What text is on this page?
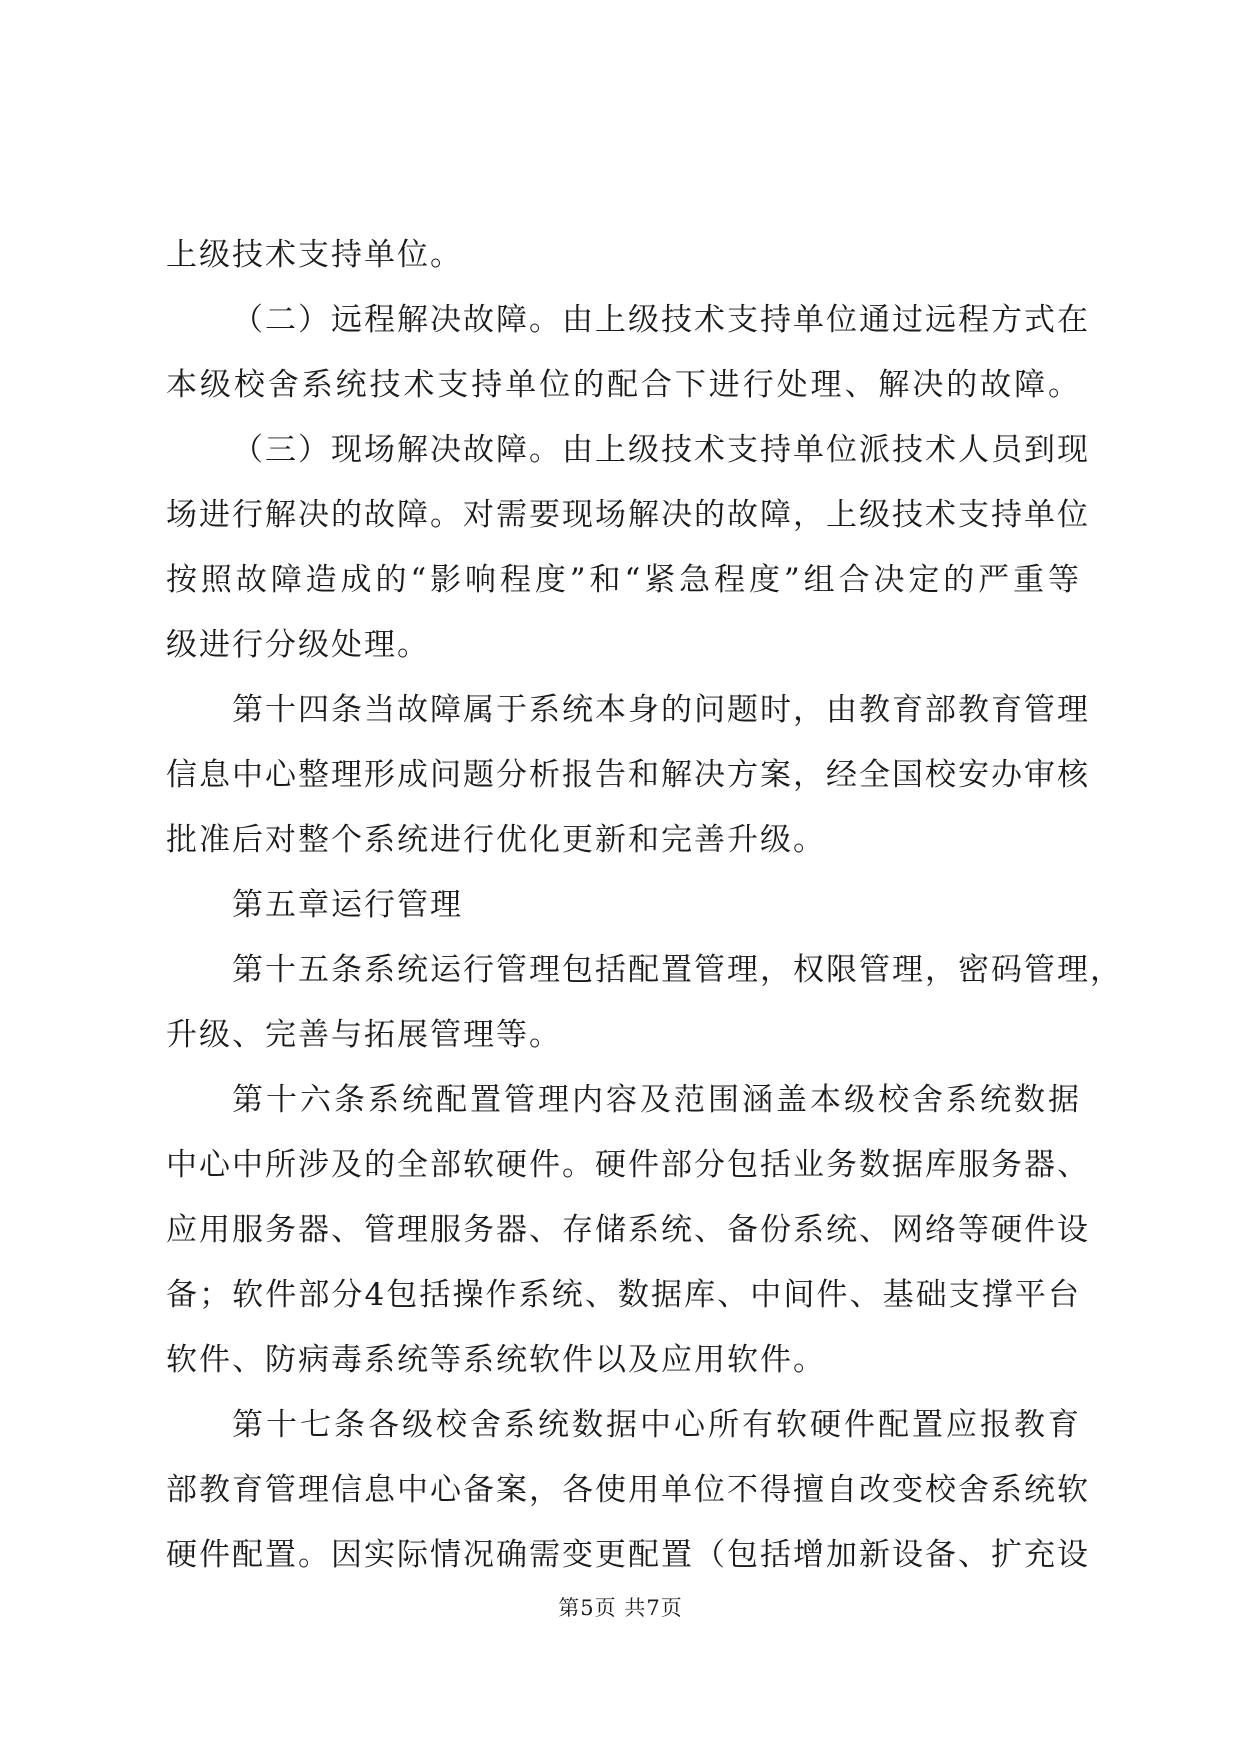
上级技术支持单位。
（二）远程解决故障。由上级技术支持单位通过远程方式在
本级校舍系统技术支持单位的配合下进行处理、解决的故障。
（三）现场解决故障。由上级技术支持单位派技术人员到现
场进行解决的故障。对需要现场解决的故障，上级技术支持单位
按照故障造成的“影响程度”和“紧急程度”组合决定的严重等
级进行分级处理。
第十四条当故障属于系统本身的问题时，由教育部教育管理
信息中心整理形成问题分析报告和解决方案，经全国校安办审核
批准后对整个系统进行优化更新和完善升级。
第五章运行管理
第十五条系统运行管理包括配置管理，权限管理，密码管理，
升级、完善与拓展管理等。
第十六条系统配置管理内容及范围涵盖本级校舍系统数据
中心中所涉及的全部软硬件。硬件部分包括业务数据库服务器、
应用服务器、管理服务器、存储系统、备份系统、网络等硬件设
备；软件部分4包括操作系统、数据库、中间件、基础支撑平台
软件、防病毒系统等系统软件以及应用软件。
第十七条各级校舍系统数据中心所有软硬件配置应报教育
部教育管理信息中心备案，各使用单位不得擅自改变校舍系统软
硬件配置。因实际情况确需变更配置（包括增加新设备、扩充设
第5页 共7页
